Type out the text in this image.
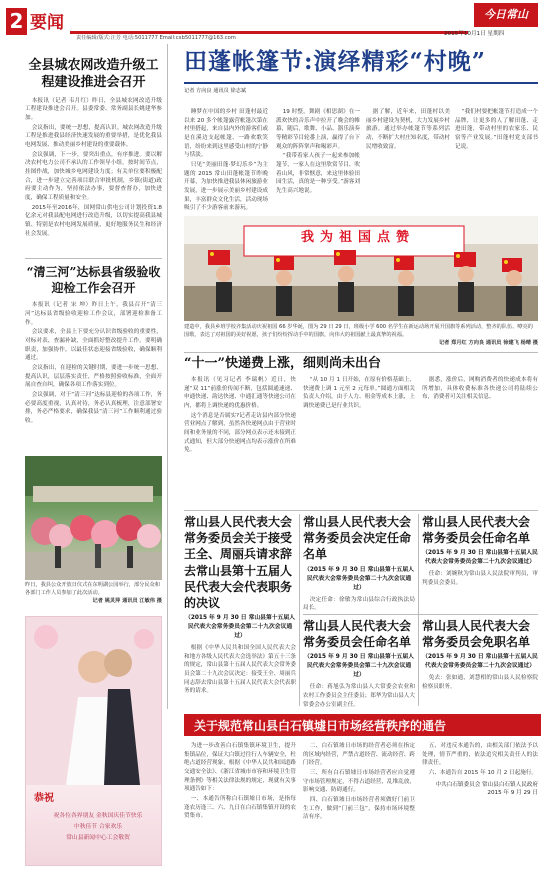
2 要闻
责任编辑/版式:汪芳 电话:5011777 Email:cxb5011777@163.com
今日常山
2015年10月1日 星期四
全县城农网改造升级工程建设推进会召开

本报讯（记者 韦月红）昨日，全县城农网改造升级工程建设推进会召开。县委常委、常务副县长姚建华参加。

会议指出，要统一思想，提高认识。城农网改造升级工程是推进我县经济快速发展的重要举措，是优化我县电网发展、推动美丽乡村建设的重要载体。

会议强调，下一步，要突出重点，有序推进。要以解决农村电力公司不承认的工作领导小组，按时间节点，挂图作战，加快城乡电网建设力度；有关单位要积极配合，进一步建立完善项目联合审批机制，乡镇(街道)政府要主动作为，坚持依法办事，要督查督办，加快进度，确保工程质量和安全。

2015年至2016年，国网常山供电公司计划投资1.8亿余元对我县配电网进行改造升级，以切实提高我县城镇、特别是农村电网发展质量，更好地服务民生和经济社会发展。

“清三河”达标县省级验收迎检工作会召开

本报讯（记者 宋 坤）昨日上午，我县召开“清三河”达标县省级验收迎检工作会议，部署迎检准备工作。

会议要求，全县上下要充分认识省级验收的重要性，对标对表，查漏补缺，全面抓好整改提升工作。要明确职责，加强协作，以最佳状态迎接省级验收，确保顺利通过。

会议指出，在迎检的关键时期，要进一步统一思想、提高认识，层层落实责任，严格按照验收标准，全面开展自查自纠，确保各项工作落实到位。

会议强调，对于“清三河”达标县迎检的各项工作，务必要高度重视，认真对待，务必认真梳理，注意部署安排，务必严格要求，确保我县“清三河”工作顺利通过验收。

昨日，我县公众开放日仪式在东明湖公园举行，部分民众和各部门工作人员参加了此次活动。
记者 姚灵萍 通讯员 江敏伟 摄
恭祝
祝各位各界朋友 金秋国庆佳节快乐
中秋佳节 合家欢乐
常山县新闻中心工会敬贺
田蓬帐篷节:演绎精彩“村晚”
记者 方向良 通讯员 徐志斌

睡梦在中国的乡村 田蓬村最近以来 20 多个帐篷露营帐篷次第在村里搭起，来自县内外的游客们或是在溪边支起帐篷、一路欢歌笑语，纷纷来到这里感受山村的宁静与恬淡。

只见“美丽田蓬·梦幻乐乡”为主题的 2015 常山田蓬帐篷节昨晚开幕，为加快推进我县休闲旅游业发展，进一步展示美丽乡村建设成果，丰富群众文化生活，活动现场吸引了不少游客前来游玩。

19 时整，舞剧《相思湖》在一派欢快的音乐声中拉开了晚会的帷幕，随后，歌舞、小品、器乐演奏等精彩节目轮番上演，赢得了台下观众的阵阵掌声和喝彩声。

“我带着家人孩子一起来参加帐篷节，一家人在这里欣赏节目、吹着山风，非常惬意，来这里体验田园生活，真的是一种享受。”游客刘先生高兴地说。

据了解，近年来，田蓬村以美丽乡村建设为契机，大力发展乡村旅游，通过举办帐篷节等系列活动，不断扩大村庄知名度，带动村民增收致富。

“我们村要把帐篷节打造成一个品牌，让更多的人了解田蓬、走进田蓬，带动村里的农家乐、民宿等产业发展。”田蓬村党支部书记说。

我为祖国点赞
建造中，我县乡班学校齐集活动庆祝祖国 66 岁华诞，图为 29 日 29 日，班级小学 600 名学生在新运动场开展升国旗等系列活动，整齐的队伍、嘹亮的国歌，表达了对祖国的美好祝愿，孩子们纷纷挥动手中的国旗，向伟大的祖国献上最真挚的祝福。
记者 郑月红 方向良 通讯员 徐建飞 杨晴 摄
“十一”快递费上涨，细则尚未出台

本报讯（见习记者 李瑞帆）近日，快递“双 11”前涨价传闻不断，包括圆通速递、申通快递、韵达快递、中通汇通等快递公司在内，都将上调快递的优惠价格。

这个消息是否属实?记者走访县内部分快递营业网点了解到，虽然各快递网点由于营业时间和业务量的不同，部分网点表示还未接到正式通知，但大部分快递网点均表示涨价在所难免。

“从 10 月 1 日开始，在原有价格基础上，快递费上调 1 元至 2 元每单。”圆通方面相关负责人介绍，由于人力、租金等成本上涨，上调快递费已是行业共识。

据悉，涨价后，网购消费者的快递成本将有所增加，具体收费标准各快递公司将陆续公布，消费者可关注相关信息。

常山县人民代表大会常务委员会关于接受王全、周丽兵请求辞去常山县第十五届人民代表大会代表职务的决议
（2015 年 9 月 30 日 常山县第十五届人民代表大会常务委员会第二十九次会议通过）

根据《中华人民共和国全国人民代表大会和地方各级人民代表大会选举法》第五十三条的规定，常山县第十五届人民代表大会常务委员会第二十九次会议决定：接受王全、周丽兵同志辞去常山县第十五届人民代表大会代表职务的请求。

常山县人民代表大会常务委员会决定任命名单
（2015 年 9 月 30 日 常山县第十五届人民代表大会常务委员会第二十九次会议通过）

决定任命：徐敏为常山县综合行政执法局局长。

常山县人民代表大会常务委员会任命名单
（2015 年 9 月 30 日 常山县第十五届人民代表大会常务委员会第二十九次会议通过）

任命：刘婉秋为常山县人民法院审判员，审判委员会委员。

常山县人民代表大会常务委员会任命名单
（2015 年 9 月 30 日 常山县第十五届人民代表大会常务委员会第二十九次会议通过）

任命：蒋旭弘为常山县人大常委会农业和农村工作委员会主任委员；郑华为常山县人大常委会办公室副主任。

常山县人民代表大会常务委员会免职名单
（2015 年 9 月 30 日 常山县第十五届人民代表大会常务委员会第二十九次会议通过）

免去：张如通，刘慧相的常山县人民检察院检察员职务。

关于规范常山县白石镇墟日市场经营秩序的通告

为进一步改善白石镇集镇环境卫生，提升集镇品位，保证大白镇过往行人车辆安全，杜绝占道经营现象，根据《中华人民共和国道路交通安全法》、《浙江省城市市容和环境卫生管理条例》等相关法律法规的规定，现就有关事项通告如下：

一、本通告所称白石镇墟日市场，是指每逢农历逢三、六、九日在白石镇集镇开设的农贸集市。

二、白石镇墟日市场的经营者必须在指定的区域内经营，严禁占道经营、流动经营、跨门经营。

三、所有白石镇墟日市场经营者应自觉遵守市场管理规定，不得占道经营，乱堆乱放，影响交通、防碍通行。

四、白石镇墟日市场经营者须做好门前卫生工作，做到“门前三包”，保持市场环境整洁有序。

五、对违反本通告的，由相关部门依法予以处理，情节严重的，依法追究相关责任人的法律责任。

六、本通告自 2015 年 10 月 2 日起施行。

中共白石镇委员会 常山县白石镇人民政府
2015 年 9 月 29 日
